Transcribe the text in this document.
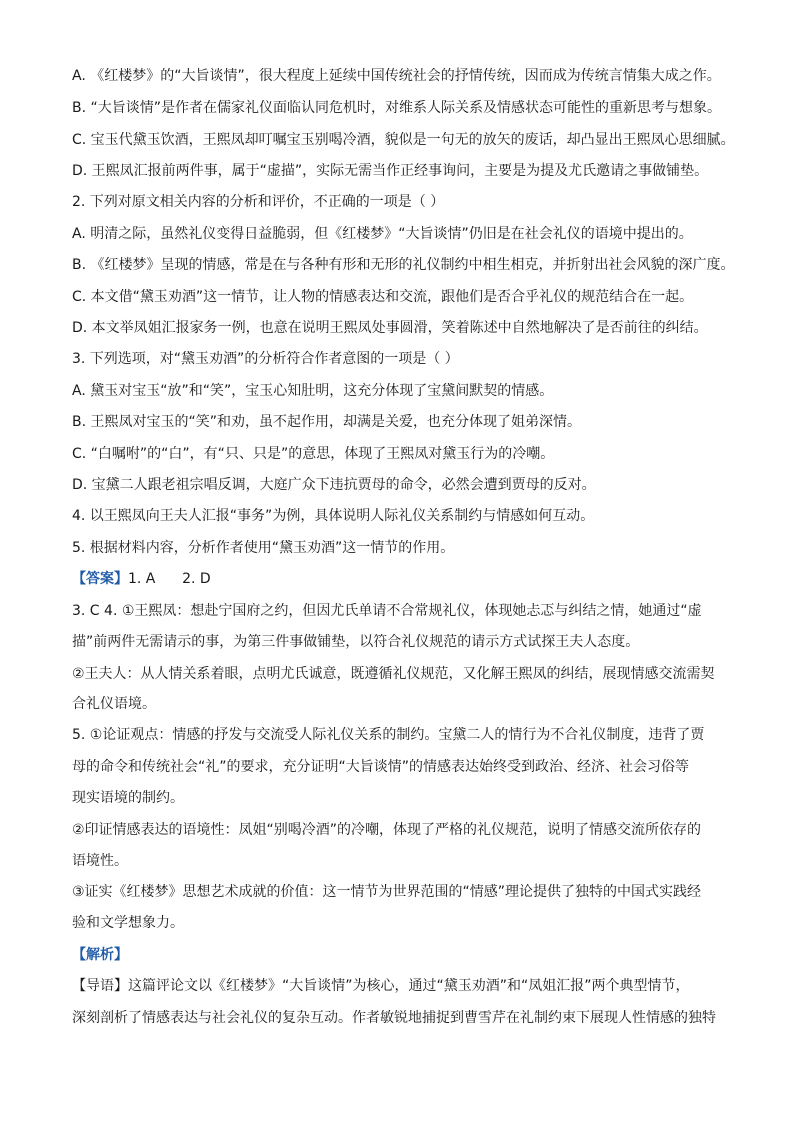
A. 《红楼梦》的“大旨谈情”，很大程度上延续中国传统社会的抒情传统，因而成为传统言情集大成之作。
B. “大旨谈情”是作者在儒家礼仪面临认同危机时，对维系人际关系及情感状态可能性的重新思考与想象。
C. 宝玉代黛玉饮酒，王熙凤却叮嘱宝玉别喝冷酒，貌似是一句无的放矢的废话，却凸显出王熙凤心思细腻。
D. 王熙凤汇报前两件事，属于“虚描”，实际无需当作正经事询问，主要是为提及尤氏邀请之事做铺垫。
2. 下列对原文相关内容的分析和评价，不正确的一项是（ ）
A. 明清之际，虽然礼仪变得日益脆弱，但《红楼梦》“大旨谈情”仍旧是在社会礼仪的语境中提出的。
B. 《红楼梦》呈现的情感，常是在与各种有形和无形的礼仪制约中相生相克，并折射出社会风貌的深广度。
C. 本文借“黛玉劝酒”这一情节，让人物的情感表达和交流，跟他们是否合乎礼仪的规范结合在一起。
D. 本文举凤姐汇报家务一例，也意在说明王熙凤处事圆滑，笑着陈述中自然地解决了是否前往的纠结。
3. 下列选项，对“黛玉劝酒”的分析符合作者意图的一项是（ ）
A. 黛玉对宝玉“放”和“笑”，宝玉心知肚明，这充分体现了宝黛间默契的情感。
B. 王熙凤对宝玉的“笑”和劝，虽不起作用，却满是关爱，也充分体现了姐弟深情。
C. “白嘱咐”的“白”，有“只、只是”的意思，体现了王熙凤对黛玉行为的冷嘲。
D. 宝黛二人跟老祖宗唱反调，大庭广众下违抗贾母的命令，必然会遭到贾母的反对。
4. 以王熙凤向王夫人汇报“事务”为例，具体说明人际礼仪关系制约与情感如何互动。
5. 根据材料内容，分析作者使用“黛玉劝酒”这一情节的作用。
【答案】1. A      2. D
3. C 4. ①王熙凤：想赴宁国府之约，但因尤氏单请不合常规礼仪，体现她忐忑与纠结之情，她通过“虚
描”前两件无需请示的事，为第三件事做铺垫，以符合礼仪规范的请示方式试探王夫人态度。
②王夫人：从人情关系着眼，点明尤氏诚意，既遵循礼仪规范，又化解王熙凤的纠结，展现情感交流需契
合礼仪语境。
5. ①论证观点：情感的抒发与交流受人际礼仪关系的制约。宝黛二人的情行为不合礼仪制度，违背了贾
母的命令和传统社会“礼”的要求，充分证明“大旨谈情”的情感表达始终受到政治、经济、社会习俗等
现实语境的制约。
②印证情感表达的语境性：凤姐“别喝冷酒”的冷嘲，体现了严格的礼仪规范，说明了情感交流所依存的
语境性。
③证实《红楼梦》思想艺术成就的价值：这一情节为世界范围的“情感”理论提供了独特的中国式实践经
验和文学想象力。
【解析】
【导语】这篇评论文以《红楼梦》“大旨谈情”为核心，通过“黛玉劝酒”和“凤姐汇报”两个典型情节，
深刻剖析了情感表达与社会礼仪的复杂互动。作者敏锐地捕捉到曹雪芹在礼制约束下展现人性情感的独特
